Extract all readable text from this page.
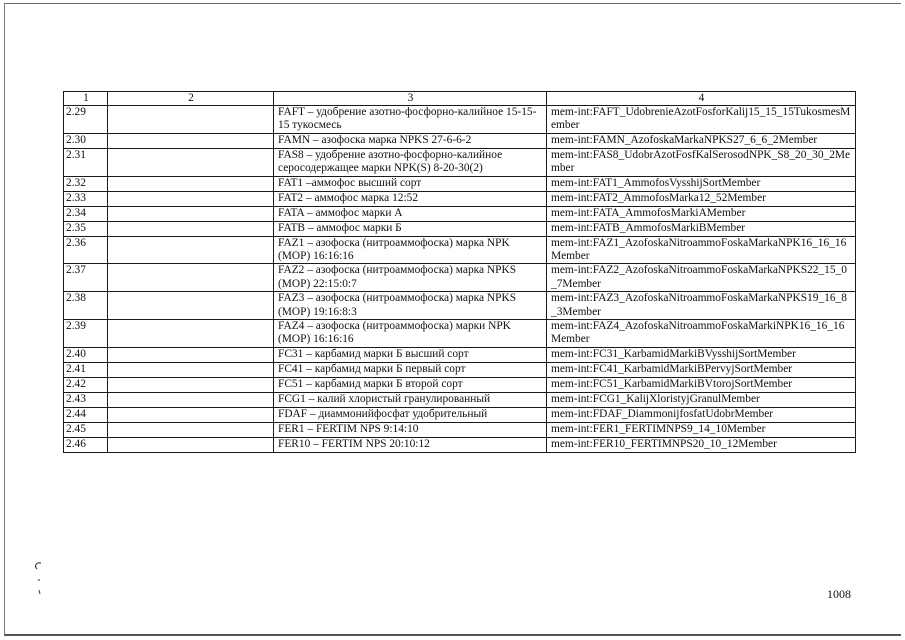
1	2	3	4
2.29		FAFT – удобрение азотно-фосфорно-калийное 15-15-15 тукосмесь	mem-int:FAFT_UdobrenieAzotFosforKalij15_15_15TukosmesMember
2.30		FAMN – азофоска марка NPKS 27-6-6-2	mem-int:FAMN_AzofoskaMarkaNPKS27_6_6_2Member
2.31		FAS8 – удобрение азотно-фосфорно-калийное серосодержащее марки NPK(S) 8-20-30(2)	mem-int:FAS8_UdobrAzotFosfKalSerosodNPK_S8_20_30_2Member
2.32		FAT1 –аммофос высший сорт	mem-int:FAT1_AmmofosVysshijSortMember
2.33		FAT2 – аммофос марка 12:52	mem-int:FAT2_AmmofosMarka12_52Member
2.34		FATA – аммофос марки А	mem-int:FATA_AmmofosMarkiAMember
2.35		FATB – аммофос марки Б	mem-int:FATB_AmmofosMarkiBMember
2.36		FAZ1 – азофоска (нитроаммофоска) марка NPK (МОР) 16:16:16	mem-int:FAZ1_AzofoskaNitroammoFoskaMarkaNPK16_16_16Member
2.37		FAZ2 – азофоска (нитроаммофоска) марка NPKS (МОР) 22:15:0:7	mem-int:FAZ2_AzofoskaNitroammoFoskaMarkaNPKS22_15_0_7Member
2.38		FAZ3 – азофоска (нитроаммофоска) марка NPKS (МОР) 19:16:8:3	mem-int:FAZ3_AzofoskaNitroammoFoskaMarkaNPKS19_16_8_3Member
2.39		FAZ4 – азофоска (нитроаммофоска) марки NPK (МОР) 16:16:16	mem-int:FAZ4_AzofoskaNitroammoFoskaMarkiNPK16_16_16Member
2.40		FC31 – карбамид марки Б высший сорт	mem-int:FC31_KarbamidMarkiBVysshijSortMember
2.41		FC41 – карбамид марки Б первый сорт	mem-int:FC41_KarbamidMarkiBPervyjSortMember
2.42		FC51 – карбамид марки Б второй сорт	mem-int:FC51_KarbamidMarkiBVtorojSortMember
2.43		FCG1 – калий хлористый гранулированный	mem-int:FCG1_KalijXloristyjGranulMember
2.44		FDAF – диаммонийфосфат удобрительный	mem-int:FDAF_DiammonijfosfatUdobrMember
2.45		FER1 – FERTIM NPS 9:14:10	mem-int:FER1_FERTIMNPS9_14_10Member
2.46		FER10 – FERTIM NPS 20:10:12	mem-int:FER10_FERTIMNPS20_10_12Member
1008
